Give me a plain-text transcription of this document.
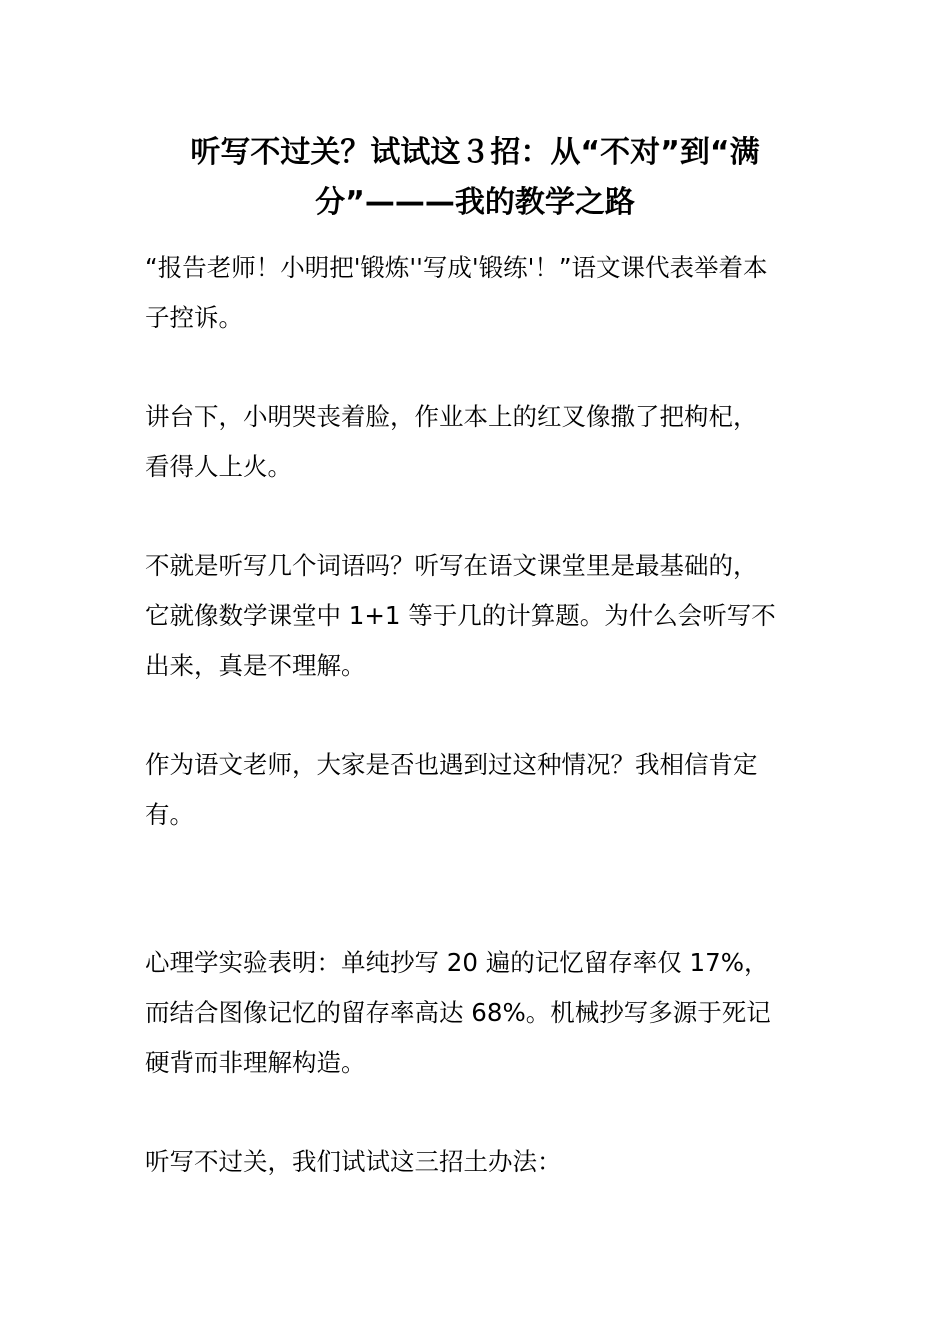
听写不过关？试试这３招：从“不对”到“满
分”———我的教学之路
“报告老师！小明把'锻炼''写成'锻练'！”语文课代表举着本
子控诉。
讲台下，小明哭丧着脸，作业本上的红叉像撒了把枸杞，
看得人上火。
不就是听写几个词语吗？听写在语文课堂里是最基础的，
它就像数学课堂中 1+1 等于几的计算题。为什么会听写不
出来，真是不理解。
作为语文老师，大家是否也遇到过这种情况？我相信肯定
有。
心理学实验表明：单纯抄写 20 遍的记忆留存率仅 17%，
而结合图像记忆的留存率高达 68%。机械抄写多源于死记
硬背而非理解构造。
听写不过关，我们试试这三招土办法：
